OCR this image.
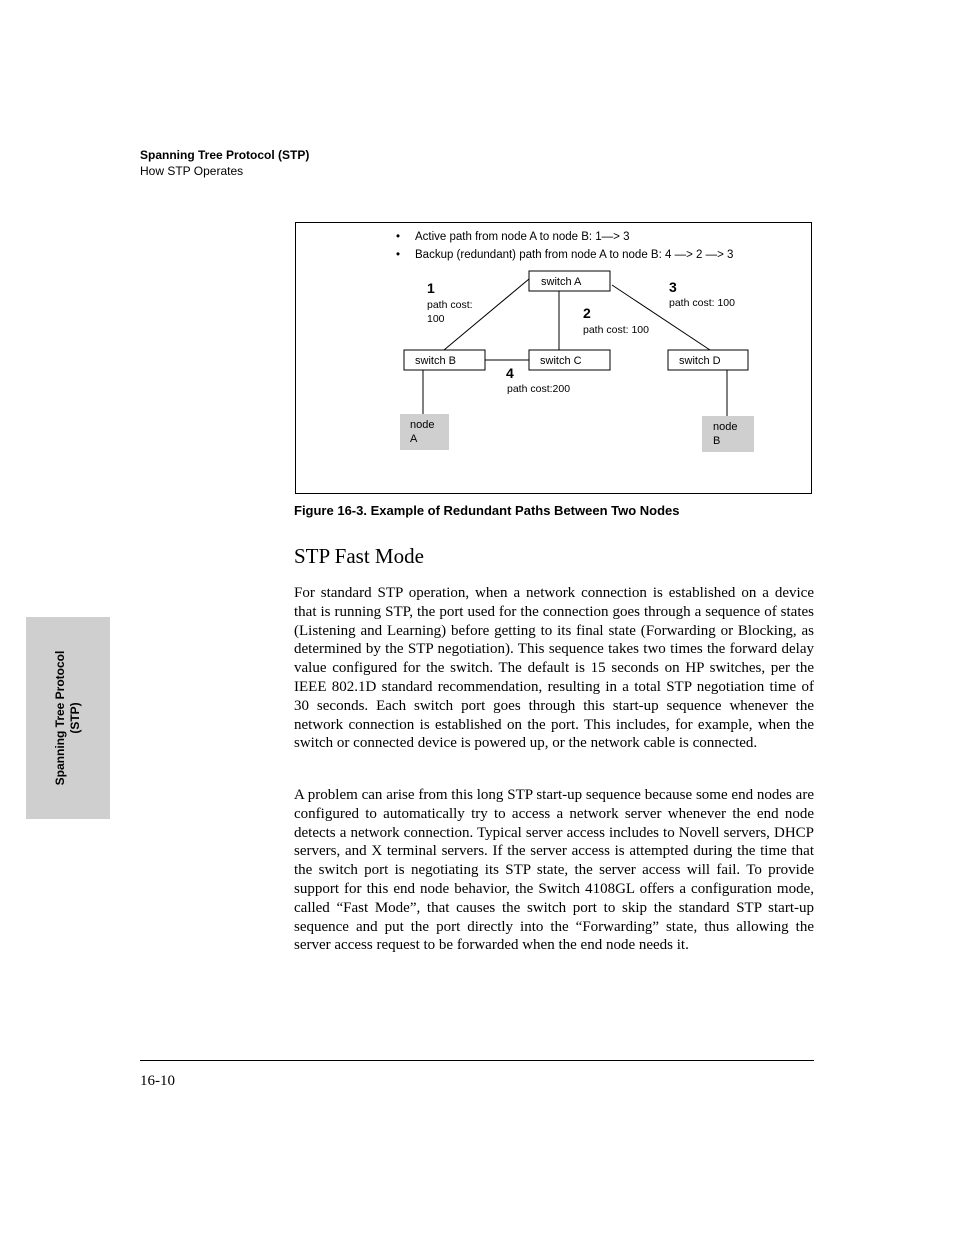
Spanning Tree Protocol (STP)
How STP Operates
Spanning Tree Protocol (STP)
• Active path from node A to node B: 1—> 3
• Backup (redundant) path from node A to node B: 4 —> 2 —> 3
switch A
switch B	switch C	switch D
node
A
node
B
1
path cost:
100	2
path cost: 100
3
path cost: 100
4
path cost:200
Figure 16-3. Example of Redundant Paths Between Two Nodes
STP Fast Mode

For standard STP operation, when a network connection is established on a device that is running STP, the port used for the connection goes through a sequence of states (Listening and Learning) before getting to its final state (Forwarding or Blocking, as determined by the STP negotiation). This sequence takes two times the forward delay value configured for the switch. The default is 15 seconds on HP switches, per the IEEE 802.1D standard recommendation, resulting in a total STP negotiation time of 30 seconds. Each switch port goes through this start-up sequence whenever the network connection is established on the port. This includes, for example, when the switch or connected device is powered up, or the network cable is connected.

A problem can arise from this long STP start-up sequence because some end nodes are configured to automatically try to access a network server whenever the end node detects a network connection. Typical server access includes to Novell servers, DHCP servers, and X terminal servers. If the server access is attempted during the time that the switch port is negotiating its STP state, the server access will fail. To provide support for this end node behavior, the Switch 4108GL offers a configuration mode, called “Fast Mode”, that causes the switch port to skip the standard STP start-up sequence and put the port directly into the “Forwarding” state, thus allowing the server access request to be forwarded when the end node needs it.

16-10
